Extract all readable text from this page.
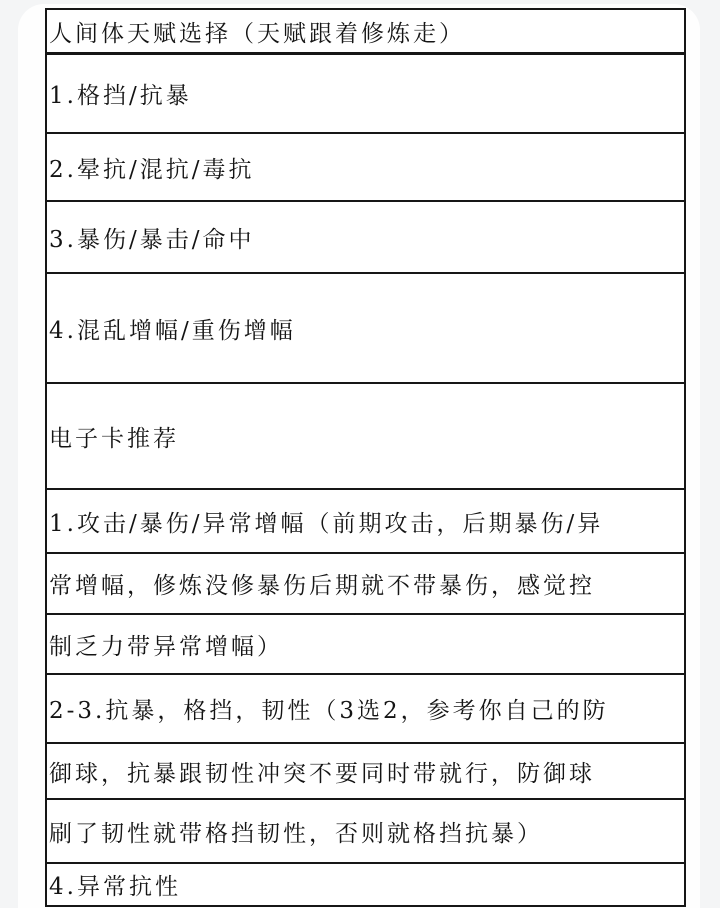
人间体天赋选择（天赋跟着修炼走）
1.格挡/抗暴
2.晕抗/混抗/毒抗
3.暴伤/暴击/命中
4.混乱增幅/重伤增幅
电子卡推荐
1.攻击/暴伤/异常增幅（前期攻击，后期暴伤/异
常增幅，修炼没修暴伤后期就不带暴伤，感觉控
制乏力带异常增幅）
2-3.抗暴，格挡，韧性（3选2，参考你自己的防
御球，抗暴跟韧性冲突不要同时带就行，防御球
刷了韧性就带格挡韧性，否则就格挡抗暴）
4.异常抗性
